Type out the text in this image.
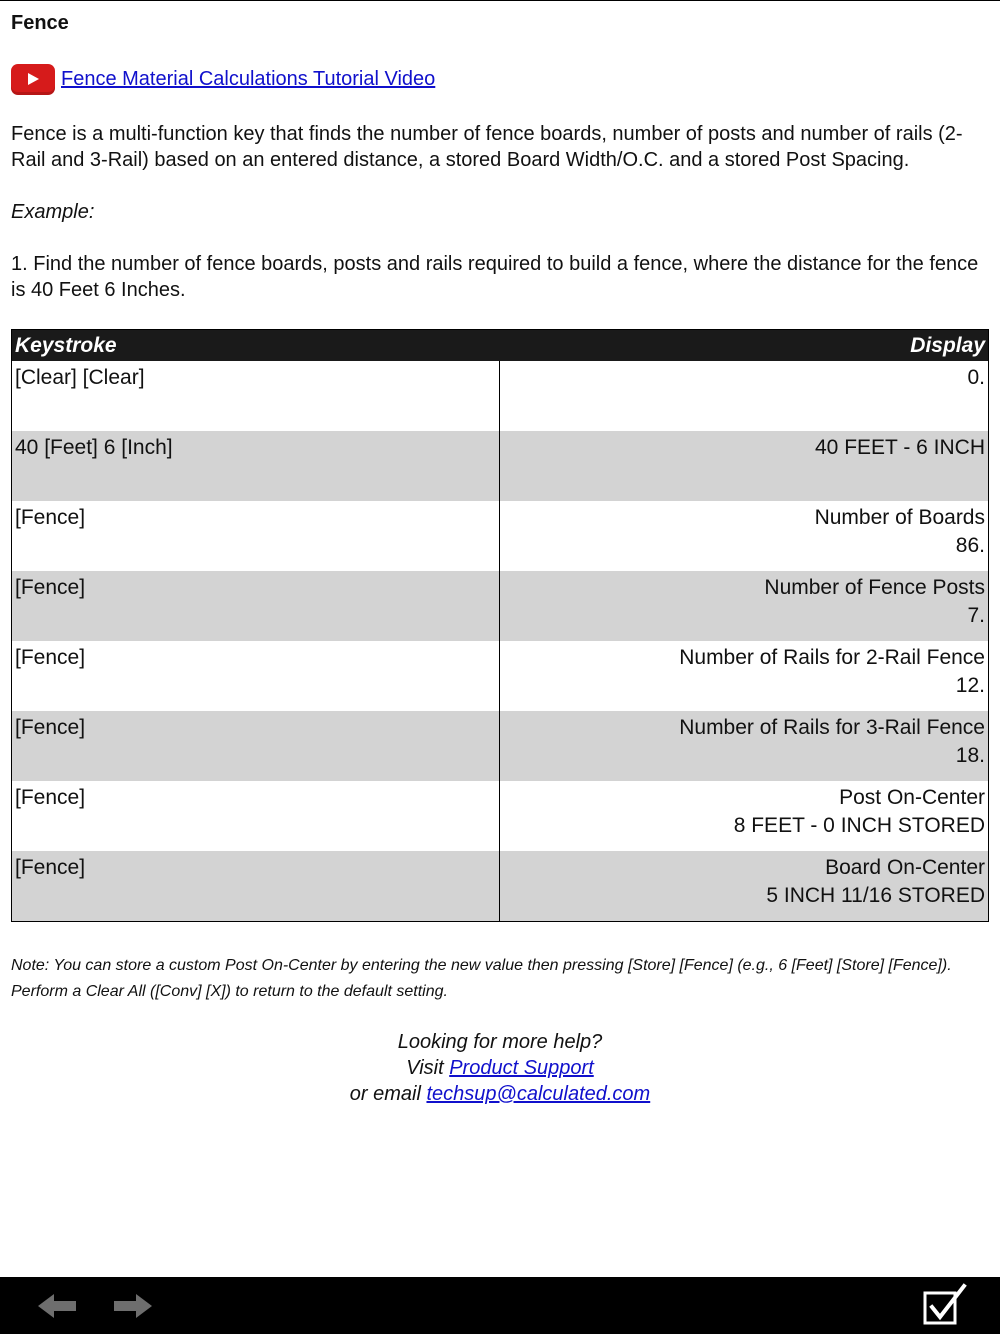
Fence
Fence Material Calculations Tutorial Video
Fence is a multi-function key that finds the number of fence boards, number of posts and number of rails (2-Rail and 3-Rail) based on an entered distance, a stored Board Width/O.C. and a stored Post Spacing.
Example:
1. Find the number of fence boards, posts and rails required to build a fence, where the distance for the fence is 40 Feet 6 Inches.
Keystroke	Display
[Clear] [Clear]	0.

40 [Feet] 6 [Inch]	40 FEET - 6 INCH

[Fence]	Number of Boards
86.
[Fence]	Number of Fence Posts
7.
[Fence]	Number of Rails for 2-Rail Fence
12.
[Fence]	Number of Rails for 3-Rail Fence
18.
[Fence]	Post On-Center
8 FEET - 0 INCH STORED
[Fence]	Board On-Center
5 INCH 11/16 STORED
Note: You can store a custom Post On-Center by entering the new value then pressing [Store] [Fence] (e.g., 6 [Feet] [Store] [Fence]). Perform a Clear All ([Conv] [X]) to return to the default setting.
Looking for more help?
Visit Product Support
or email techsup@calculated.com
